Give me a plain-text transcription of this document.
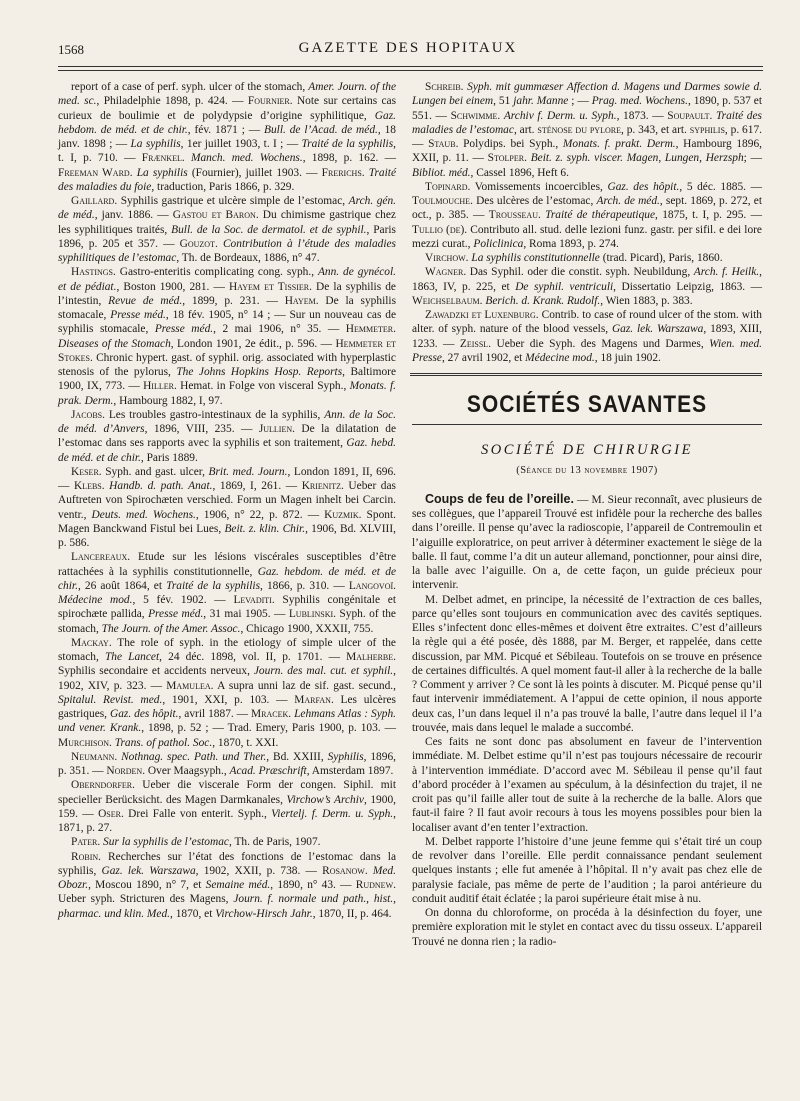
1568	GAZETTE DES HOPITAUX

report of a case of perf. syph. ulcer of the stomach, Amer. Journ. of the med. sc., Philadelphie 1898, p. 424. — Fournier. Note sur certains cas curieux de boulimie et de polydypsie d’origine syphilitique, Gaz. hebdom. de méd. et de chir., fév. 1871 ; — Bull. de l’Acad. de méd., 18 janv. 1898 ; — La syphilis, 1er juillet 1903, t. I ; — Traité de la syphilis, t. I, p. 710. — Frænkel. Manch. med. Wochens., 1898, p. 162. — Freeman Ward. La syphilis (Fournier), juillet 1903. — Frerichs. Traité des maladies du foie, traduction, Paris 1866, p. 329.

Gaillard. Syphilis gastrique et ulcère simple de l’estomac, Arch. gén. de méd., janv. 1886. — Gastou et Baron. Du chimisme gastrique chez les syphilitiques traités, Bull. de la Soc. de dermatol. et de syphil., Paris 1896, p. 205 et 357. — Gouzot. Contribution à l’étude des maladies syphilitiques de l’estomac, Th. de Bordeaux, 1886, n° 47.

Hastings. Gastro-enteritis complicating cong. syph., Ann. de gynécol. et de pédiat., Boston 1900, 281. — Hayem et Tissier. De la syphilis de l’intestin, Revue de méd., 1899, p. 231. — Hayem. De la syphilis stomacale, Presse méd., 18 fév. 1905, n° 14 ; — Sur un nouveau cas de syphilis stomacale, Presse méd., 2 mai 1906, n° 35. — Hemmeter. Diseases of the Stomach, London 1901, 2e édit., p. 596. — Hemmeter et Stokes. Chronic hypert. gast. of syphil. orig. associated with hyperplastic stenosis of the pylorus, The Johns Hopkins Hosp. Reports, Baltimore 1900, IX, 773. — Hiller. Hemat. in Folge von visceral Syph., Monats. f. prak. Derm., Hambourg 1882, I, 97.

Jacobs. Les troubles gastro-intestinaux de la syphilis, Ann. de la Soc. de méd. d’Anvers, 1896, VIII, 235. — Jullien. De la dilatation de l’estomac dans ses rapports avec la syphilis et son traitement, Gaz. hebd. de méd. et de chir., Paris 1889.

Keser. Syph. and gast. ulcer, Brit. med. Journ., London 1891, II, 696. — Klebs. Handb. d. path. Anat., 1869, I, 261. — Krienitz. Ueber das Auftreten von Spirochæten verschied. Form un Magen inhelt bei Carcin. ventr., Deuts. med. Wochens., 1906, n° 22, p. 872. — Kuzmik. Spont. Magen Banckwand Fistul bei Lues, Beit. z. klin. Chir., 1906, Bd. XLVIII, p. 586.

Lancereaux. Etude sur les lésions viscérales susceptibles d’être rattachées à la syphilis constitutionnelle, Gaz. hebdom. de méd. et de chir., 26 août 1864, et Traité de la syphilis, 1866, p. 310. — Langovoï. Médecine mod., 5 fév. 1902. — Levaditi. Syphilis congénitale et spirochæte pallida, Presse méd., 31 mai 1905. — Lublinski. Syph. of the stomach, The Journ. of the Amer. Assoc., Chicago 1900, XXXII, 755.

Mackay. The role of syph. in the etiology of simple ulcer of the stomach, The Lancet, 24 déc. 1898, vol. II, p. 1701. — Malherbe. Syphilis secondaire et accidents nerveux, Journ. des mal. cut. et syphil., 1902, XIV, p. 323. — Mamulea. A supra unni laz de sif. gast. secund., Spitalul. Revist. med., 1901, XXI, p. 103. — Marfan. Les ulcères gastriques, Gaz. des hôpit., avril 1887. — Mracek. Lehmans Atlas : Syph. und vener. Krank., 1898, p. 52 ; — Trad. Emery, Paris 1900, p. 103. — Murchison. Trans. of pathol. Soc., 1870, t. XXI.

Neumann. Nothnag. spec. Path. und Ther., Bd. XXIII, Syphilis, 1896, p. 351. — Norden. Over Maagsyph., Acad. Præschrift, Amsterdam 1897.

Oberndorfer. Ueber die viscerale Form der congen. Siphil. mit specieller Berücksicht. des Magen Darmkanales, Virchow’s Archiv, 1900, 159. — Oser. Drei Falle von enterit. Syph., Viertelj. f. Derm. u. Syph., 1871, p. 27.

Pater. Sur la syphilis de l’estomac, Th. de Paris, 1907.

Robin. Recherches sur l’état des fonctions de l’estomac dans la syphilis, Gaz. lek. Warszawa, 1902, XXII, p. 738. — Rosanow. Med. Obozr., Moscou 1890, n° 7, et Semaine méd., 1890, n° 43. — Rudnew. Ueber syph. Stricturen des Magens, Journ. f. normale und path., hist., pharmac. und klin. Med., 1870, et Virchow-Hirsch Jahr., 1870, II, p. 464.

Schreib. Syph. mit gummæser Affection d. Magens und Darmes sowie d. Lungen bei einem, 51 jahr. Manne ; — Prag. med. Wochens., 1890, p. 537 et 551. — Schwimme. Archiv f. Derm. u. Syph., 1873. — Soupault. Traité des maladies de l’estomac, art. sténose du pylore, p. 343, et art. syphilis, p. 617. — Staub. Polydips. bei Syph., Monats. f. prakt. Derm., Hambourg 1896, XXII, p. 11. — Stolper. Beit. z. syph. viscer. Magen, Lungen, Herzsph; — Bibliot. méd., Cassel 1896, Heft 6.

Topinard. Vomissements incoercibles, Gaz. des hôpit., 5 déc. 1885. — Toulmouche. Des ulcères de l’estomac, Arch. de méd., sept. 1869, p. 272, et oct., p. 385. — Trousseau. Traité de thérapeutique, 1875, t. I, p. 295. — Tullio (de). Contributo all. stud. delle lezioni funz. gastr. per sifil. e dei lore mezzi curat., Policlinica, Roma 1893, p. 274.

Virchow. La syphilis constitutionnelle (trad. Picard), Paris, 1860.

Wagner. Das Syphil. oder die constit. syph. Neubildung, Arch. f. Heilk., 1863, IV, p. 225, et De syphil. ventriculi, Dissertatio Leipzig, 1863. — Weichselbaum. Berich. d. Krank. Rudolf., Wien 1883, p. 383.

Zawadzki et Luxenburg. Contrib. to case of round ulcer of the stom. with alter. of syph. nature of the blood vessels, Gaz. lek. Warszawa, 1893, XIII, 1233. — Zeissl. Ueber die Syph. des Magens und Darmes, Wien. med. Presse, 27 avril 1902, et Médecine mod., 18 juin 1902.

SOCIÉTÉS SAVANTES
SOCIÉTÉ DE CHIRURGIE
(Séance du 13 novembre 1907)

Coups de feu de l’oreille. — M. Sieur reconnaît, avec plusieurs de ses collègues, que l’appareil Trouvé est infidèle pour la recherche des balles dans l’oreille. Il pense qu’avec la radioscopie, l’appareil de Contremoulin et l’aiguille exploratrice, on peut arriver à déterminer exactement le siège de la balle. Il faut, comme l’a dit un auteur allemand, ponctionner, pour ainsi dire, la balle avec l’aiguille. On a, de cette façon, un guide précieux pour intervenir.

M. Delbet admet, en principe, la nécessité de l’extraction de ces balles, parce qu’elles sont toujours en communication avec des cavités septiques. Elles s’infectent donc elles-mêmes et doivent être extraites. C’est d’ailleurs la règle qui a été posée, dès 1888, par M. Berger, et rappelée, dans cette discussion, par MM. Picqué et Sébileau. Toutefois on se trouve en présence de certaines difficultés. A quel moment faut-il aller à la recherche de la balle ? Comment y arriver ? Ce sont là les points à discuter. M. Picqué pense qu’il faut intervenir immédiatement. A l’appui de cette opinion, il nous apporte deux cas, l’un dans lequel il n’a pas trouvé la balle, l’autre dans lequel il l’a trouvée, mais dans lequel le malade a succombé.

Ces faits ne sont donc pas absolument en faveur de l’intervention immédiate. M. Delbet estime qu’il n’est pas toujours nécessaire de recourir à l’intervention immédiate. D’accord avec M. Sébileau il pense qu’il faut d’abord procéder à l’examen au spéculum, à la désinfection du trajet, il ne croit pas qu’il faille aller tout de suite à la recherche de la balle. Alors que faut-il faire ? Il faut avoir recours à tous les moyens possibles pour bien la localiser avant d’en tenter l’extraction.

M. Delbet rapporte l’histoire d’une jeune femme qui s’était tiré un coup de revolver dans l’oreille. Elle perdit connaissance pendant seulement quelques instants ; elle fut amenée à l’hôpital. Il n’y avait pas chez elle de paralysie faciale, pas même de perte de l’audition ; la paroi antérieure du conduit auditif était éclatée ; la paroi supérieure était mise à nu.

On donna du chloroforme, on procéda à la désinfection du foyer, une première exploration mit le stylet en contact avec du tissu osseux. L’appareil Trouvé ne donna rien ; la radio-
